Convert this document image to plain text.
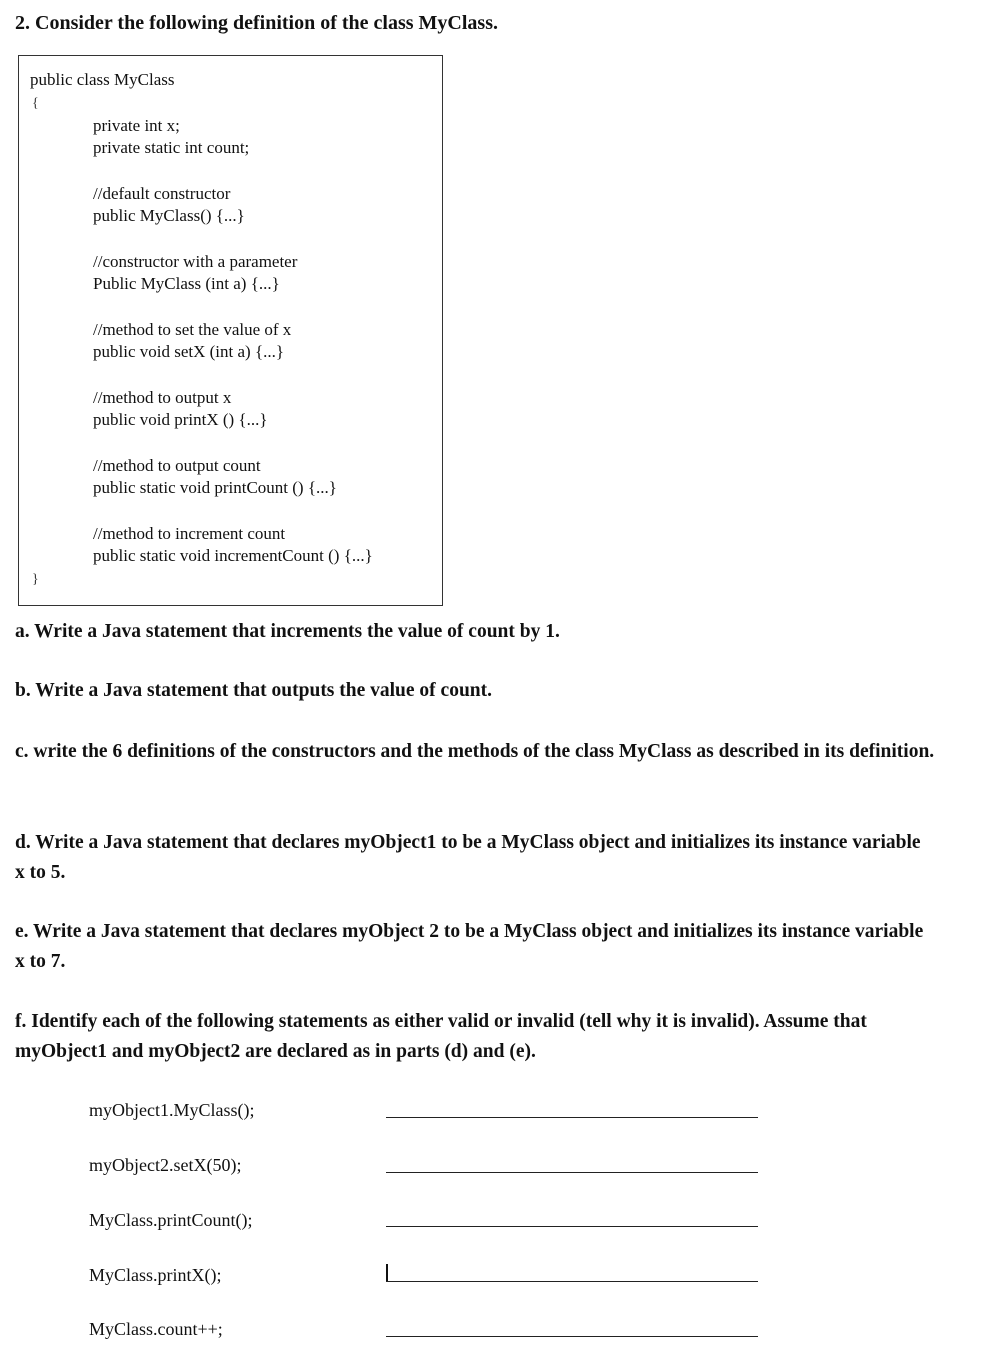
2. Consider the following definition of the class MyClass.

public class MyClass
{
private int x;
private static int count;
//default constructor
public MyClass() {...}
//constructor with a parameter
Public MyClass (int a) {...}
//method to set the value of x
public void setX (int a) {...}
//method to output x
public void printX () {...}
//method to output count
public static void printCount () {...}
//method to increment count
public static void incrementCount () {...}
}

a. Write a Java statement that increments the value of count by 1.

b. Write a Java statement that outputs the value of count.

c. write the 6 definitions of the constructors and the methods of the class MyClass as described in its definition.

d. Write a Java statement that declares myObject1 to be a MyClass object and initializes its instance variable x to 5.

e. Write a Java statement that declares myObject 2 to be a MyClass object and initializes its instance variable x to 7.

f. Identify each of the following statements as either valid or invalid (tell why it is invalid). Assume that myObject1 and myObject2 are declared as in parts (d) and (e).

myObject1.MyClass();
myObject2.setX(50);
MyClass.printCount();
MyClass.printX();
MyClass.count++;
